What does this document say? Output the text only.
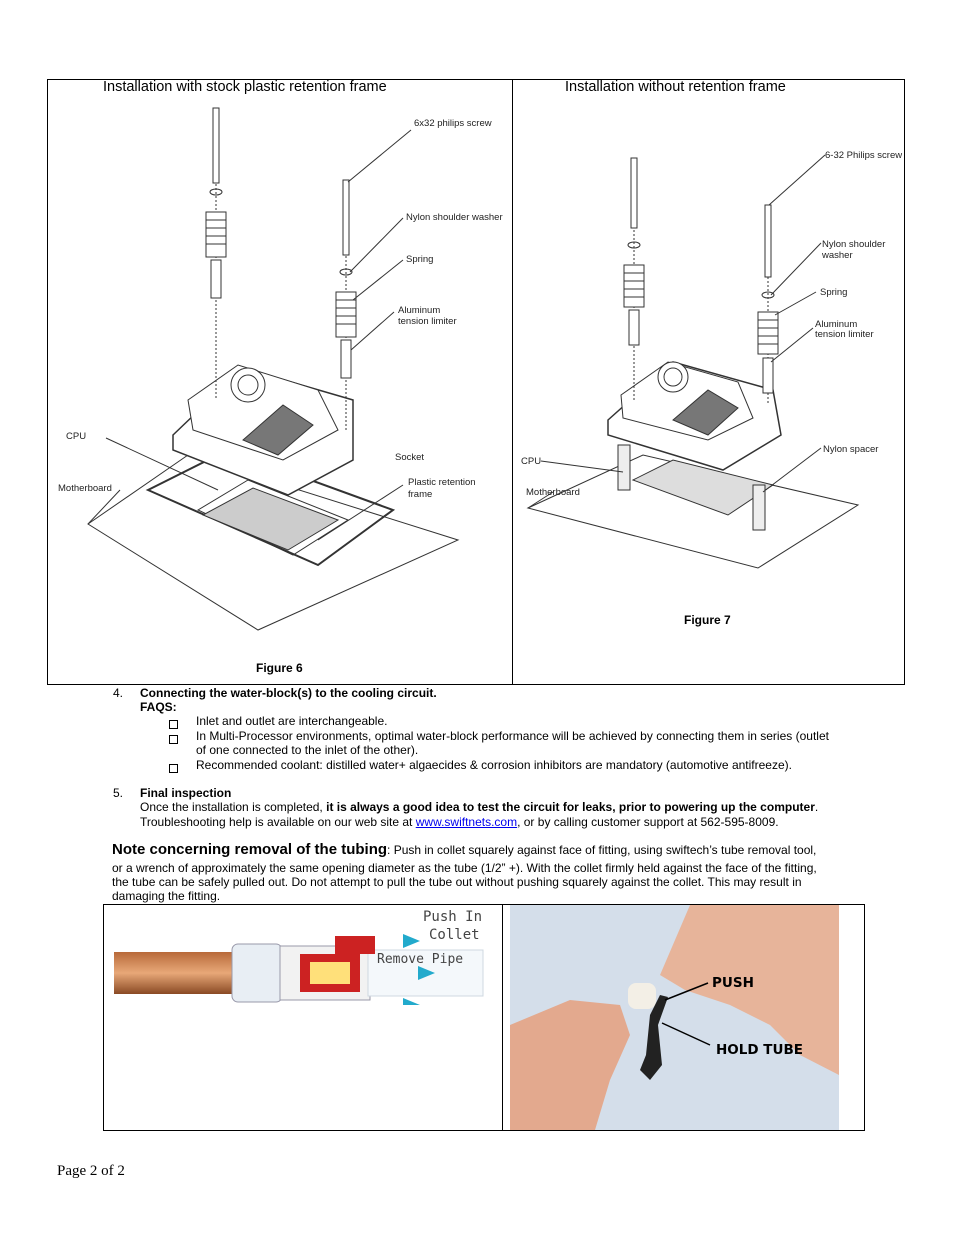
Installation with stock plastic retention frame	Installation without retention frame
6x32 philips screw
Nylon shoulder washer
Spring
Aluminum
tension limiter
Socket
Plastic retention
frame
CPU
Motherboard
Figure 6
6-32 Philips screw
Nylon shoulder
washer
Spring
Aluminum
tension limiter
Nylon spacer
CPU
Motherboard
Figure 7
4. Connecting the water-block(s) to the cooling circuit.
FAQS:
Inlet and outlet are interchangeable.
In Multi-Processor environments, optimal water-block performance will be achieved by connecting them in series (outlet
of one connected to the inlet of the other).
Recommended coolant: distilled water+ algaecides & corrosion inhibitors are mandatory (automotive antifreeze).
5. Final inspection
Once the installation is completed, it is always a good idea to test the circuit for leaks, prior to powering up the computer.
Troubleshooting help is available on our web site at www.swiftnets.com, or by calling customer support at 562-595-8009.
Note concerning removal of the tubing: Push in collet squarely against face of fitting, using swiftech’s tube removal tool,
or a wrench of approximately the same opening diameter as the tube (1/2” +). With the collet firmly held against the face of the fitting,
the tube can be safely pulled out. Do not attempt to pull the tube out without pushing squarely against the collet. This may result in
damaging the fitting.
Push In
Collet
Remove Pipe
PUSH
HOLD TUBE
Page 2 of 2
